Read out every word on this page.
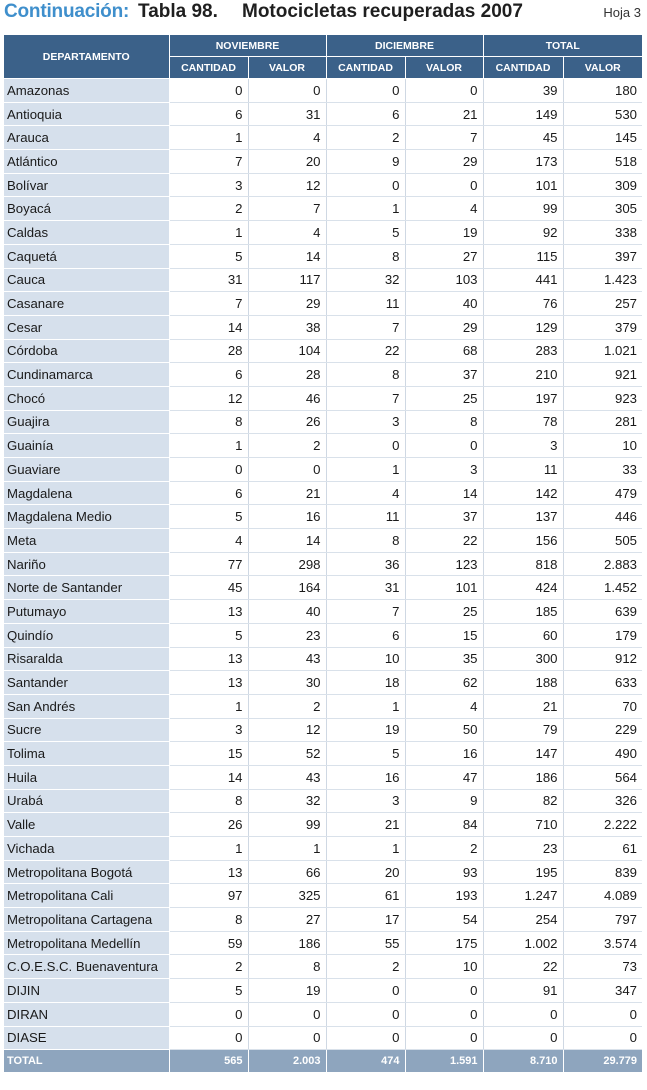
Continuación: Tabla 98. Motocicletas recuperadas 2007	Hoja 3
DEPARTAMENTO	NOVIEMBRE		DICIEMBRE		TOTAL	
	CANTIDAD	VALOR	CANTIDAD	VALOR	CANTIDAD	VALOR
Amazonas	0	0	0	0	39	180
Antioquia	6	31	6	21	149	530
Arauca	1	4	2	7	45	145
Atlántico	7	20	9	29	173	518
Bolívar	3	12	0	0	101	309
Boyacá	2	7	1	4	99	305
Caldas	1	4	5	19	92	338
Caquetá	5	14	8	27	115	397
Cauca	31	117	32	103	441	1.423
Casanare	7	29	11	40	76	257
Cesar	14	38	7	29	129	379
Córdoba	28	104	22	68	283	1.021
Cundinamarca	6	28	8	37	210	921
Chocó	12	46	7	25	197	923
Guajira	8	26	3	8	78	281
Guainía	1	2	0	0	3	10
Guaviare	0	0	1	3	11	33
Magdalena	6	21	4	14	142	479
Magdalena Medio	5	16	11	37	137	446
Meta	4	14	8	22	156	505
Nariño	77	298	36	123	818	2.883
Norte de Santander	45	164	31	101	424	1.452
Putumayo	13	40	7	25	185	639
Quindío	5	23	6	15	60	179
Risaralda	13	43	10	35	300	912
Santander	13	30	18	62	188	633
San Andrés	1	2	1	4	21	70
Sucre	3	12	19	50	79	229
Tolima	15	52	5	16	147	490
Huila	14	43	16	47	186	564
Urabá	8	32	3	9	82	326
Valle	26	99	21	84	710	2.222
Vichada	1	1	1	2	23	61
Metropolitana Bogotá	13	66	20	93	195	839
Metropolitana Cali	97	325	61	193	1.247	4.089
Metropolitana Cartagena	8	27	17	54	254	797
Metropolitana Medellín	59	186	55	175	1.002	3.574
C.O.E.S.C. Buenaventura	2	8	2	10	22	73
DIJIN	5	19	0	0	91	347
DIRAN	0	0	0	0	0	0
DIASE	0	0	0	0	0	0
TOTAL	565	2.003	474	1.591	8.710	29.779
